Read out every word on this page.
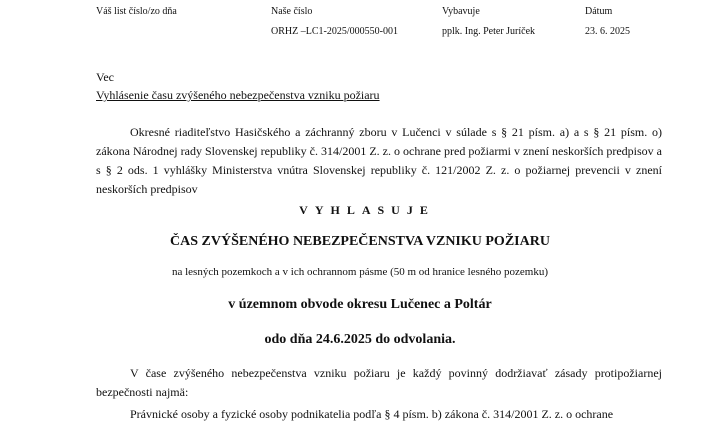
Váš list číslo/zo dňa	Naše číslo
ORHZ –LC1-2025/000550-001
Vybavuje
pplk. Ing. Peter Juríček
Dátum
23. 6. 2025
Vec
Vyhlásenie času zvýšeného nebezpečenstva vzniku požiaru

Okresné riaditeľstvo Hasičského a záchranný zboru v Lučenci v súlade s § 21 písm. a) a s § 21 písm. o) zákona Národnej rady Slovenskej republiky č. 314/2001 Z. z. o ochrane pred požiarmi v znení neskorších predpisov a s § 2 ods. 1 vyhlášky Ministerstva vnútra Slovenskej republiky č. 121/2002 Z. z. o požiarnej prevencii v znení neskorších predpisov

VYHLASUJE
ČAS ZVÝŠENÉHO NEBEZPEČENSTVA VZNIKU POŽIARU
na lesných pozemkoch a v ich ochrannom pásme (50 m od hranice lesného pozemku)
v územnom obvode okresu Lučenec a Poltár
odo dňa 24.6.2025 do odvolania.

V čase zvýšeného nebezpečenstva vzniku požiaru je každý povinný dodržiavať zásady protipožiarnej bezpečnosti najmä:

Právnické osoby a fyzické osoby podnikatelia podľa § 4 písm. b) zákona č. 314/2001 Z. z. o ochrane
